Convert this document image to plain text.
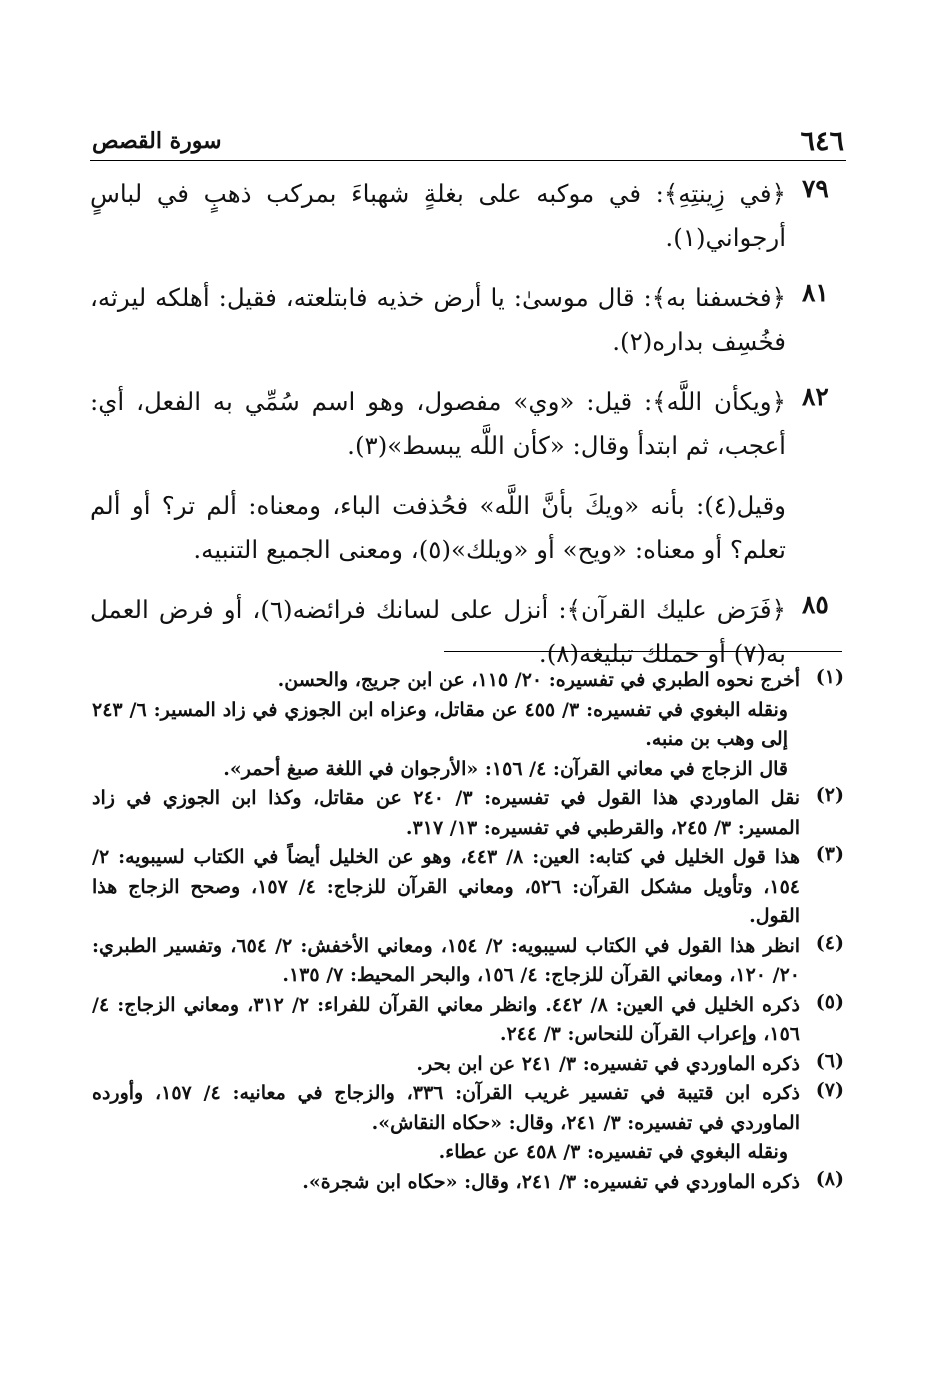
٦٤٦
سورة القصص
٧٩
﴿في زِينتِهِ﴾: في موكبه على بغلةٍ شهباءَ بمركب ذهبٍ في لباسٍ أرجواني(١).
٨١
﴿فخسفنا به﴾: قال موسىٰ: يا أرض خذيه فابتلعته، فقيل: أهلكه ليرثه، فخُسِف بداره(٢).
٨٢
﴿ويكأن اللَّه﴾: قيل: «وي» مفصول، وهو اسم سُمِّي به الفعل، أي: أعجب، ثم ابتدأ وقال: «كأن اللَّه يبسط»(٣).
وقيل(٤): بأنه «ويكَ بأنَّ اللَّه» فحُذفت الباء، ومعناه: ألم تر؟ أو ألم تعلم؟ أو معناه: «ويح» أو «ويلك»(٥)، ومعنى الجميع التنبيه.
٨٥
﴿فَرَض عليك القرآن﴾: أنزل على لسانك فرائضه(٦)، أو فرض العمل به(٧) أو حملك تبليغه(٨).
(١)
أخرج نحوه الطبري في تفسيره: ٢٠/ ١١٥، عن ابن جريج، والحسن.
ونقله البغوي في تفسيره: ٣/ ٤٥٥ عن مقاتل، وعزاه ابن الجوزي في زاد المسير: ٦/ ٢٤٣ إلى وهب بن منبه.
قال الزجاج في معاني القرآن: ٤/ ١٥٦: «الأرجوان في اللغة صبغ أحمر».
(٢)
نقل الماوردي هذا القول في تفسيره: ٣/ ٢٤٠ عن مقاتل، وكذا ابن الجوزي في زاد المسير: ٣/ ٢٤٥، والقرطبي في تفسيره: ١٣/ ٣١٧.
(٣)
هذا قول الخليل في كتابه: العين: ٨/ ٤٤٣، وهو عن الخليل أيضاً في الكتاب لسيبويه: ٢/ ١٥٤، وتأويل مشكل القرآن: ٥٢٦، ومعاني القرآن للزجاج: ٤/ ١٥٧، وصحح الزجاج هذا القول.
(٤)
انظر هذا القول في الكتاب لسيبويه: ٢/ ١٥٤، ومعاني الأخفش: ٢/ ٦٥٤، وتفسير الطبري: ٢٠/ ١٢٠، ومعاني القرآن للزجاج: ٤/ ١٥٦، والبحر المحيط: ٧/ ١٣٥.
(٥)
ذكره الخليل في العين: ٨/ ٤٤٢. وانظر معاني القرآن للفراء: ٢/ ٣١٢، ومعاني الزجاج: ٤/ ١٥٦، وإعراب القرآن للنحاس: ٣/ ٢٤٤.
(٦)
ذكره الماوردي في تفسيره: ٣/ ٢٤١ عن ابن بحر.
(٧)
ذكره ابن قتيبة في تفسير غريب القرآن: ٣٣٦، والزجاج في معانيه: ٤/ ١٥٧، وأورده الماوردي في تفسيره: ٣/ ٢٤١، وقال: «حكاه النقاش».
ونقله البغوي في تفسيره: ٣/ ٤٥٨ عن عطاء.
(٨)
ذكره الماوردي في تفسيره: ٣/ ٢٤١، وقال: «حكاه ابن شجرة».
